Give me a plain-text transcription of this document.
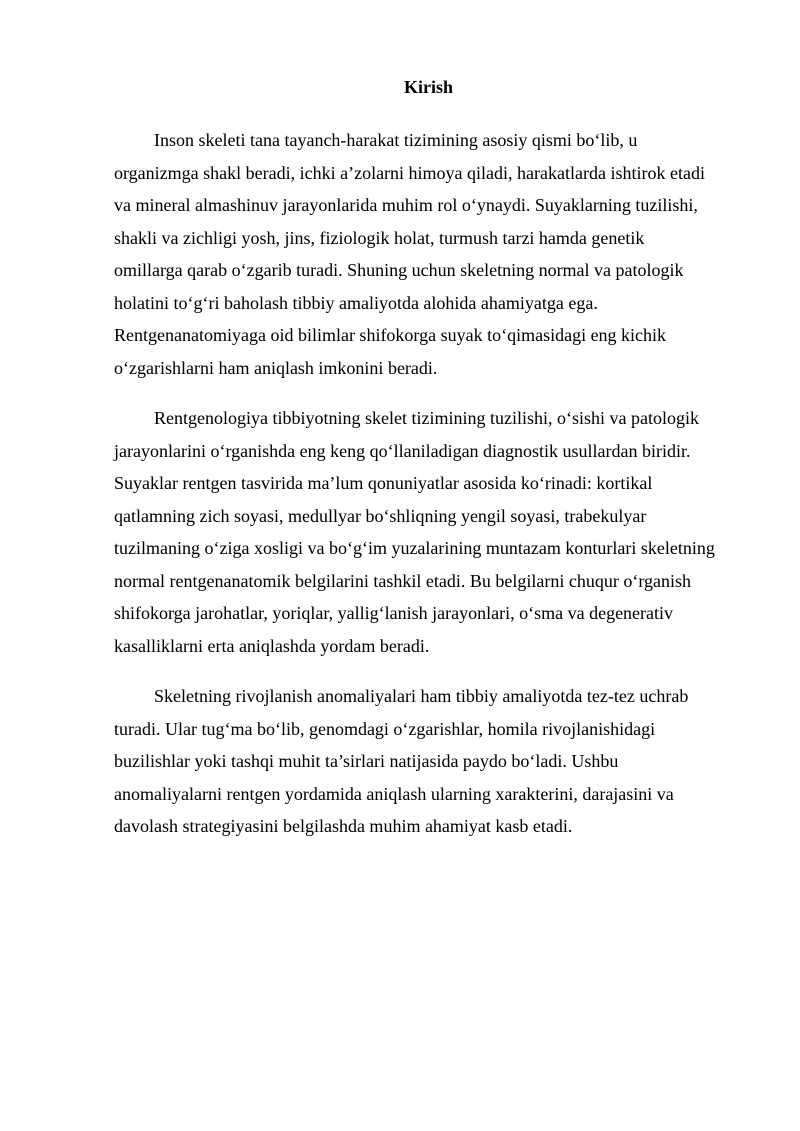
Kirish

Inson skeleti tana tayanch-harakat tizimining asosiy qismi bo‘lib, u
organizmga shakl beradi, ichki a’zolarni himoya qiladi, harakatlarda ishtirok etadi
va mineral almashinuv jarayonlarida muhim rol o‘ynaydi. Suyaklarning tuzilishi,
shakli va zichligi yosh, jins, fiziologik holat, turmush tarzi hamda genetik
omillarga qarab o‘zgarib turadi. Shuning uchun skeletning normal va patologik
holatini to‘g‘ri baholash tibbiy amaliyotda alohida ahamiyatga ega.
Rentgenanatomiyaga oid bilimlar shifokorga suyak to‘qimasidagi eng kichik
o‘zgarishlarni ham aniqlash imkonini beradi.

Rentgenologiya tibbiyotning skelet tizimining tuzilishi, o‘sishi va patologik
jarayonlarini o‘rganishda eng keng qo‘llaniladigan diagnostik usullardan biridir.
Suyaklar rentgen tasvirida ma’lum qonuniyatlar asosida ko‘rinadi: kortikal
qatlamning zich soyasi, medullyar bo‘shliqning yengil soyasi, trabekulyar
tuzilmaning o‘ziga xosligi va bo‘g‘im yuzalarining muntazam konturlari skeletning
normal rentgenanatomik belgilarini tashkil etadi. Bu belgilarni chuqur o‘rganish
shifokorga jarohatlar, yoriqlar, yallig‘lanish jarayonlari, o‘sma va degenerativ
kasalliklarni erta aniqlashda yordam beradi.

Skeletning rivojlanish anomaliyalari ham tibbiy amaliyotda tez-tez uchrab
turadi. Ular tug‘ma bo‘lib, genomdagi o‘zgarishlar, homila rivojlanishidagi
buzilishlar yoki tashqi muhit ta’sirlari natijasida paydo bo‘ladi. Ushbu
anomaliyalarni rentgen yordamida aniqlash ularning xarakterini, darajasini va
davolash strategiyasini belgilashda muhim ahamiyat kasb etadi.
